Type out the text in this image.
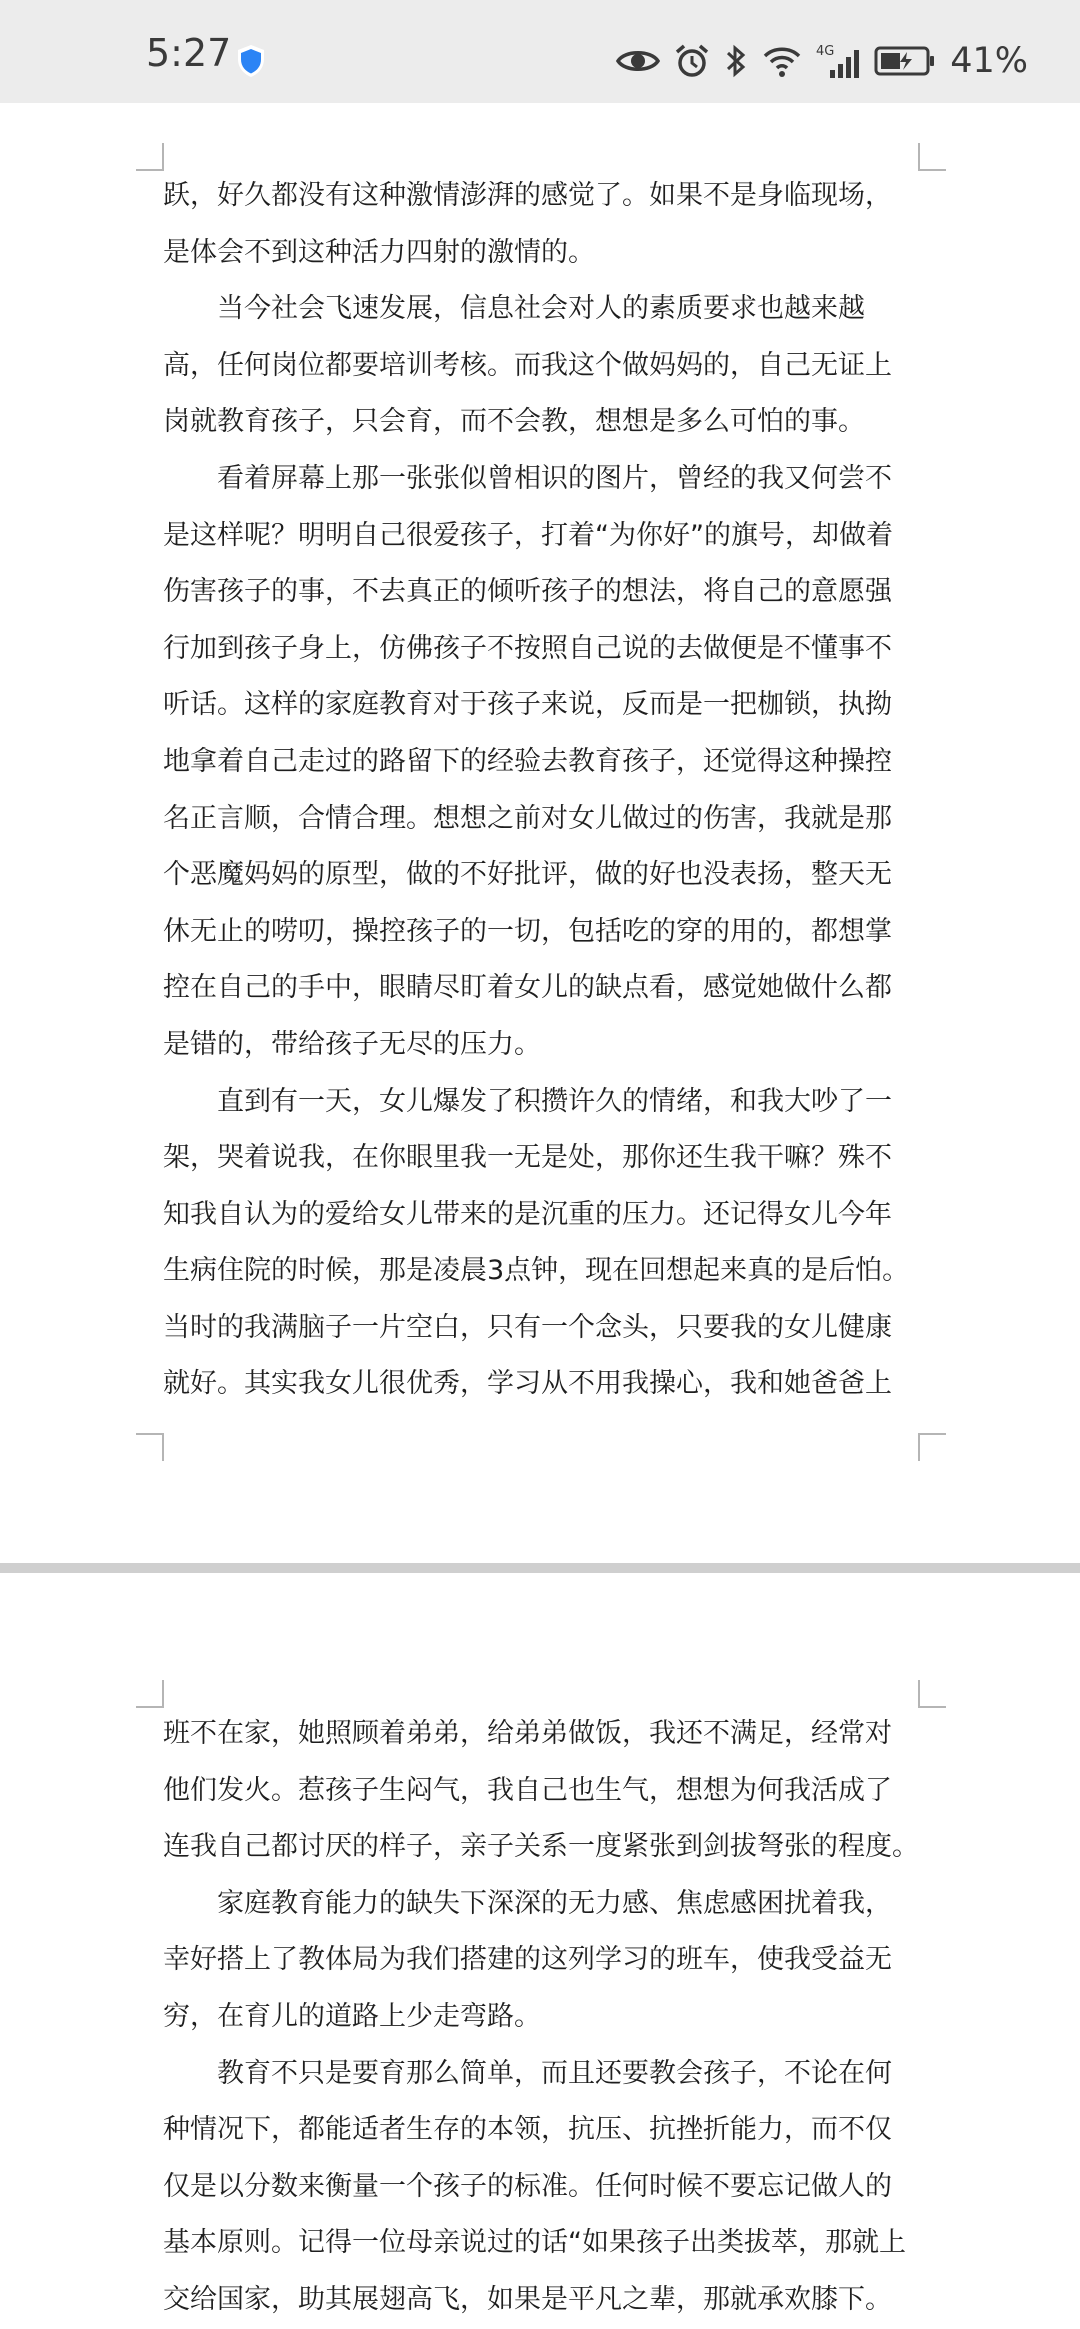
5:27	4G	41%
跃，好久都没有这种激情澎湃的感觉了。如果不是身临现场，
是体会不到这种活力四射的激情的。
当今社会飞速发展，信息社会对人的素质要求也越来越
高，任何岗位都要培训考核。而我这个做妈妈的，自己无证上
岗就教育孩子，只会育，而不会教，想想是多么可怕的事。
看着屏幕上那一张张似曾相识的图片，曾经的我又何尝不
是这样呢？明明自己很爱孩子，打着“为你好”的旗号，却做着
伤害孩子的事，不去真正的倾听孩子的想法，将自己的意愿强
行加到孩子身上，仿佛孩子不按照自己说的去做便是不懂事不
听话。这样的家庭教育对于孩子来说，反而是一把枷锁，执拗
地拿着自己走过的路留下的经验去教育孩子，还觉得这种操控
名正言顺，合情合理。想想之前对女儿做过的伤害，我就是那
个恶魔妈妈的原型，做的不好批评，做的好也没表扬，整天无
休无止的唠叨，操控孩子的一切，包括吃的穿的用的，都想掌
控在自己的手中，眼睛尽盯着女儿的缺点看，感觉她做什么都
是错的，带给孩子无尽的压力。
直到有一天，女儿爆发了积攒许久的情绪，和我大吵了一
架，哭着说我，在你眼里我一无是处，那你还生我干嘛？殊不
知我自认为的爱给女儿带来的是沉重的压力。还记得女儿今年
生病住院的时候，那是凌晨3点钟，现在回想起来真的是后怕。
当时的我满脑子一片空白，只有一个念头，只要我的女儿健康
就好。其实我女儿很优秀，学习从不用我操心，我和她爸爸上
班不在家，她照顾着弟弟，给弟弟做饭，我还不满足，经常对
他们发火。惹孩子生闷气，我自己也生气，想想为何我活成了
连我自己都讨厌的样子，亲子关系一度紧张到剑拔弩张的程度。
家庭教育能力的缺失下深深的无力感、焦虑感困扰着我，
幸好搭上了教体局为我们搭建的这列学习的班车，使我受益无
穷，在育儿的道路上少走弯路。
教育不只是要育那么简单，而且还要教会孩子，不论在何
种情况下，都能适者生存的本领，抗压、抗挫折能力，而不仅
仅是以分数来衡量一个孩子的标准。任何时候不要忘记做人的
基本原则。记得一位母亲说过的话“如果孩子出类拔萃，那就上
交给国家，助其展翅高飞，如果是平凡之辈，那就承欢膝下。
